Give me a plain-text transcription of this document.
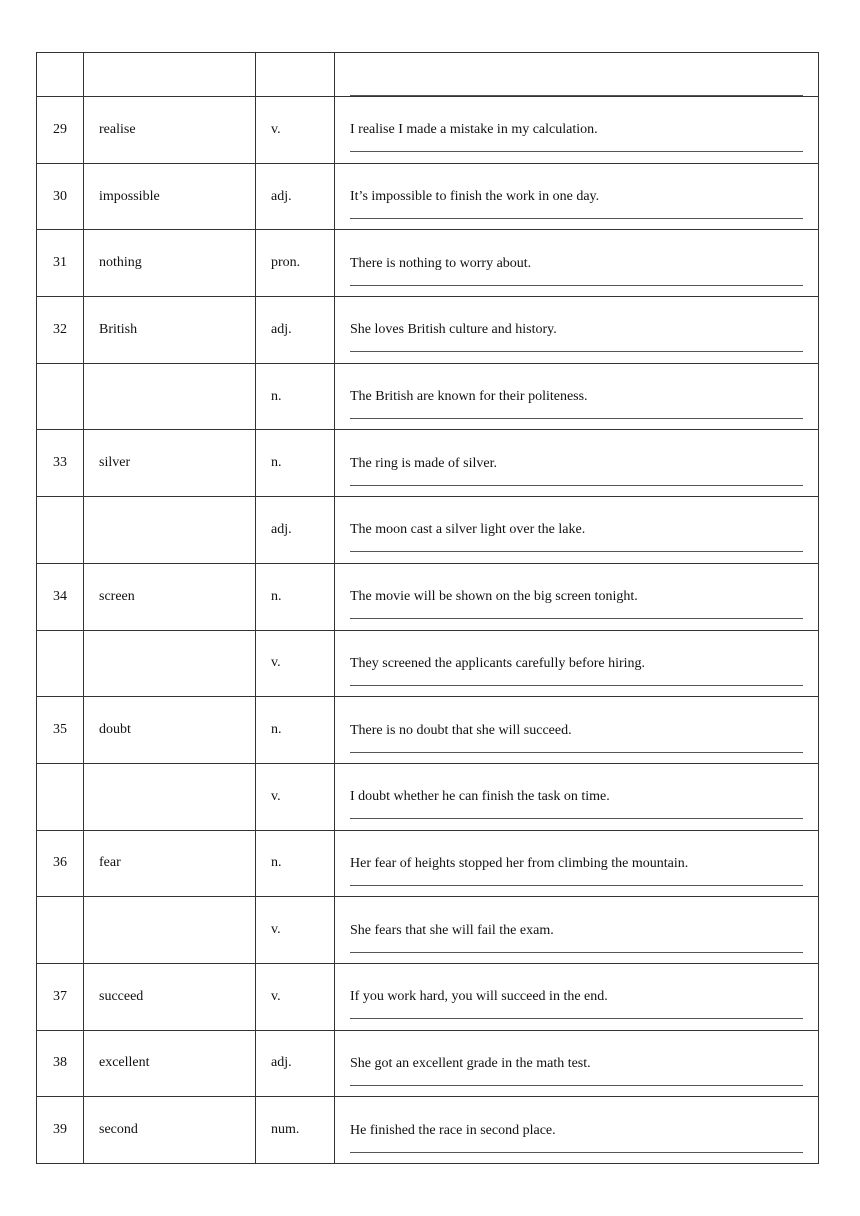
29	realise	v.	I realise I made a mistake in my calculation.

30	impossible	adj.	It’s impossible to finish the work in one day.

31	nothing	pron.	There is nothing to worry about.

32	British	adj.	She loves British culture and history.

		n.	The British are known for their politeness.

33	silver	n.	The ring is made of silver.

		adj.	The moon cast a silver light over the lake.

34	screen	n.	The movie will be shown on the big screen tonight.

		v.	They screened the applicants carefully before hiring.

35	doubt	n.	There is no doubt that she will succeed.

		v.	I doubt whether he can finish the task on time.

36	fear	n.	Her fear of heights stopped her from climbing the mountain.

		v.	She fears that she will fail the exam.

37	succeed	v.	If you work hard, you will succeed in the end.

38	excellent	adj.	She got an excellent grade in the math test.

39	second	num.	He finished the race in second place.
